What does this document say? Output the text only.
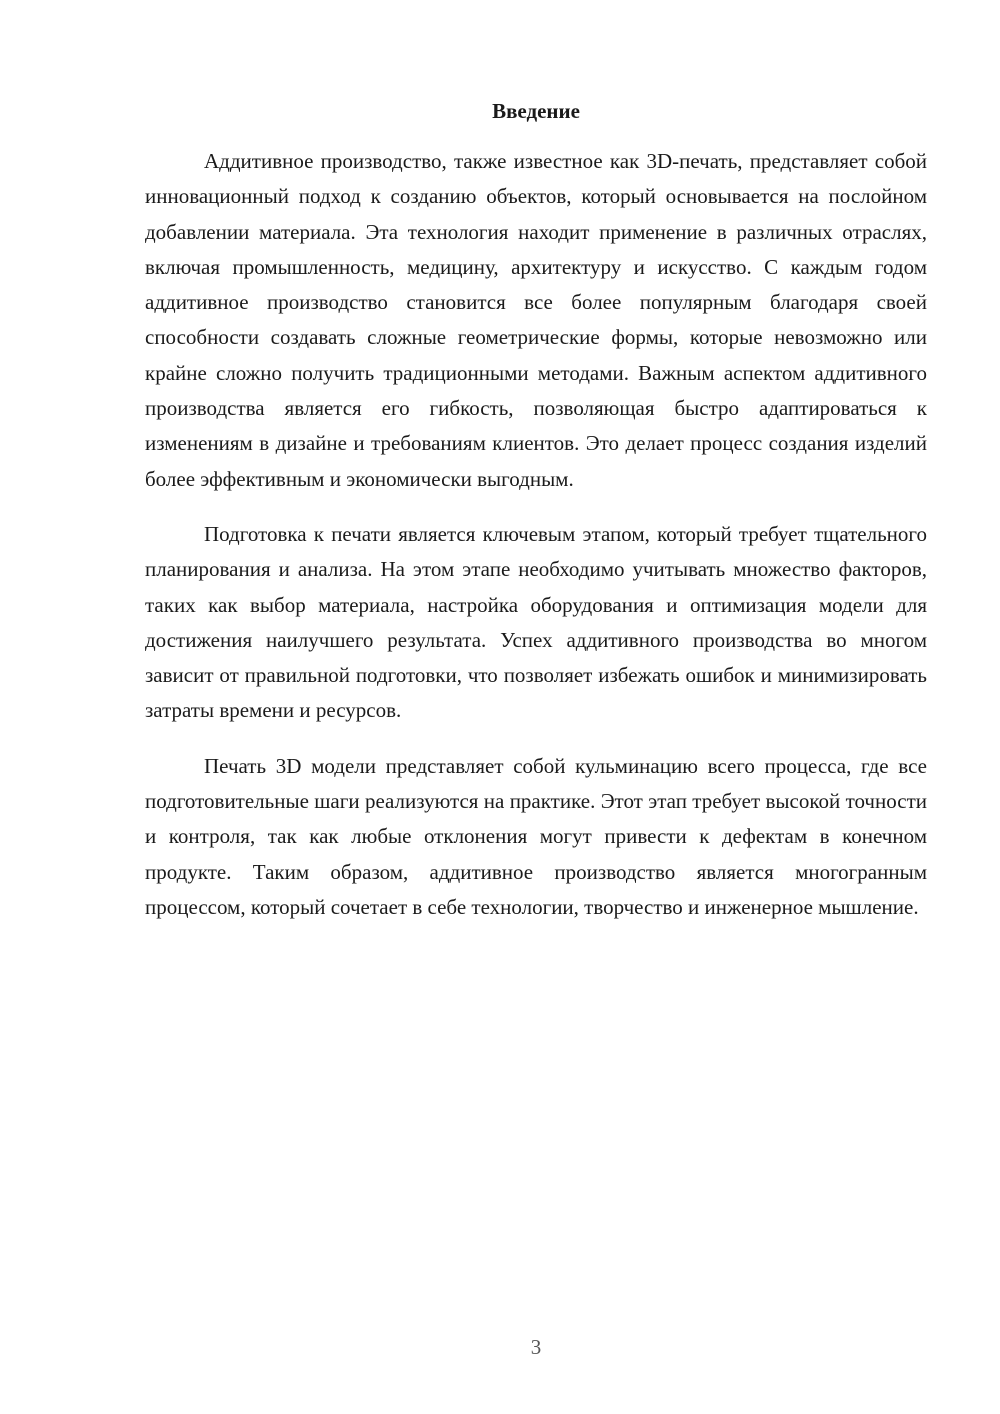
Введение

Аддитивное производство, также известное как 3D-печать, представляет собой инновационный подход к созданию объектов, который основывается на послойном добавлении материала. Эта технология находит применение в различных отраслях, включая промышленность, медицину, архитектуру и искусство. С каждым годом аддитивное производство становится все более популярным благодаря своей способности создавать сложные геометрические формы, которые невозможно или крайне сложно получить традиционными методами. Важным аспектом аддитивного производства является его гибкость, позволяющая быстро адаптироваться к изменениям в дизайне и требованиям клиентов. Это делает процесс создания изделий более эффективным и экономически выгодным.

Подготовка к печати является ключевым этапом, который требует тщательного планирования и анализа. На этом этапе необходимо учитывать множество факторов, таких как выбор материала, настройка оборудования и оптимизация модели для достижения наилучшего результата. Успех аддитивного производства во многом зависит от правильной подготовки, что позволяет избежать ошибок и минимизировать затраты времени и ресурсов.

Печать 3D модели представляет собой кульминацию всего процесса, где все подготовительные шаги реализуются на практике. Этот этап требует высокой точности и контроля, так как любые отклонения могут привести к дефектам в конечном продукте. Таким образом, аддитивное производство является многогранным процессом, который сочетает в себе технологии, творчество и инженерное мышление.

3
